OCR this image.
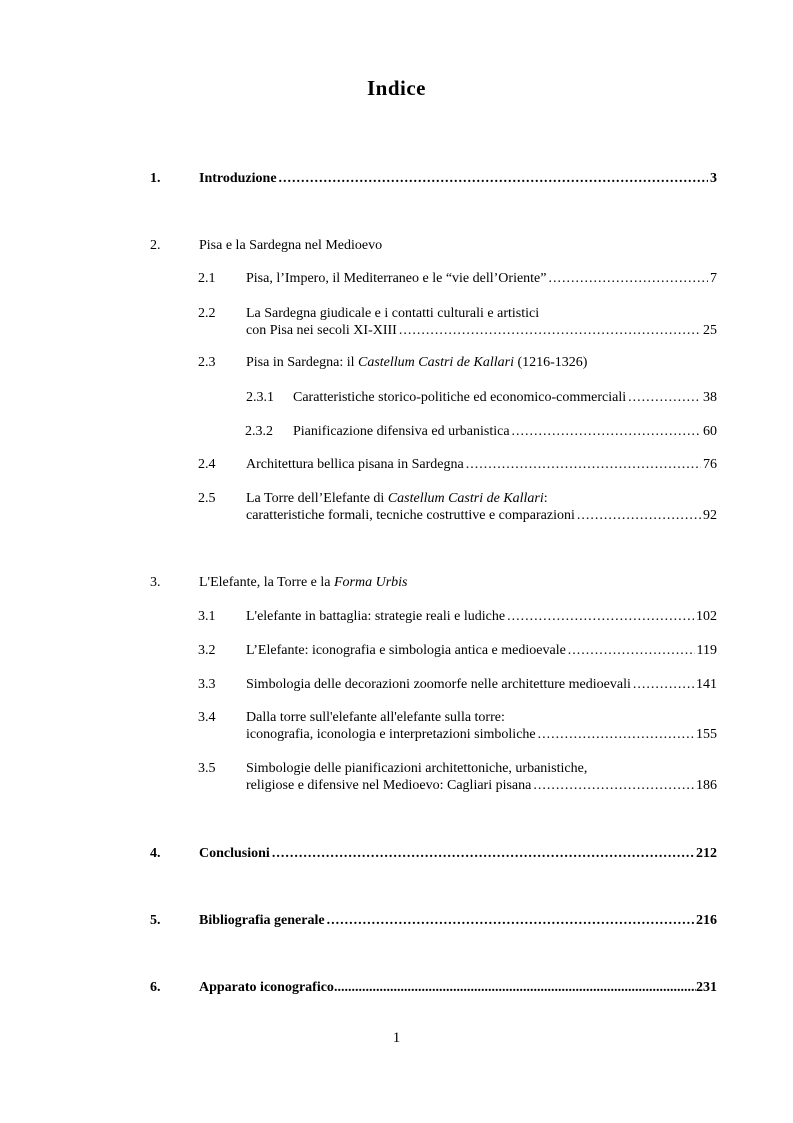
Indice
1.	Introduzione .....	3
2.	Pisa e la Sardegna nel Medioevo
2.1 Pisa, l’Impero, il Mediterraneo e le “vie dell’Oriente” .....	7
2.2 La Sardegna giudicale e i contatti culturali e artistici
con Pisa nei secoli XI-XIII .....	25
2.3 Pisa in Sardegna: il Castellum Castri de Kallari (1216-1326)
2.3.1 Caratteristiche storico-politiche ed economico-commerciali .....	38
2.3.2 Pianificazione difensiva ed urbanistica .....	60
2.4 Architettura bellica pisana in Sardegna .....	76
2.5 La Torre dell’Elefante di Castellum Castri de Kallari:
caratteristiche formali, tecniche costruttive e comparazioni .....	92
3.	L'Elefante, la Torre e la Forma Urbis
3.1 L'elefante in battaglia: strategie reali e ludiche .....	102
3.2 L’Elefante: iconografia e simbologia antica e medioevale .....	119
3.3 Simbologia delle decorazioni zoomorfe nelle architetture medioevali .....	141
3.4 Dalla torre sull'elefante all'elefante sulla torre:
iconografia, iconologia e interpretazioni simboliche .....	155
3.5 Simbologie delle pianificazioni architettoniche, urbanistiche,
religiose e difensive nel Medioevo: Cagliari pisana .....	186
4.	Conclusioni .....	212
5.	Bibliografia generale .....	216
6.	Apparato iconografico .....	231
1
